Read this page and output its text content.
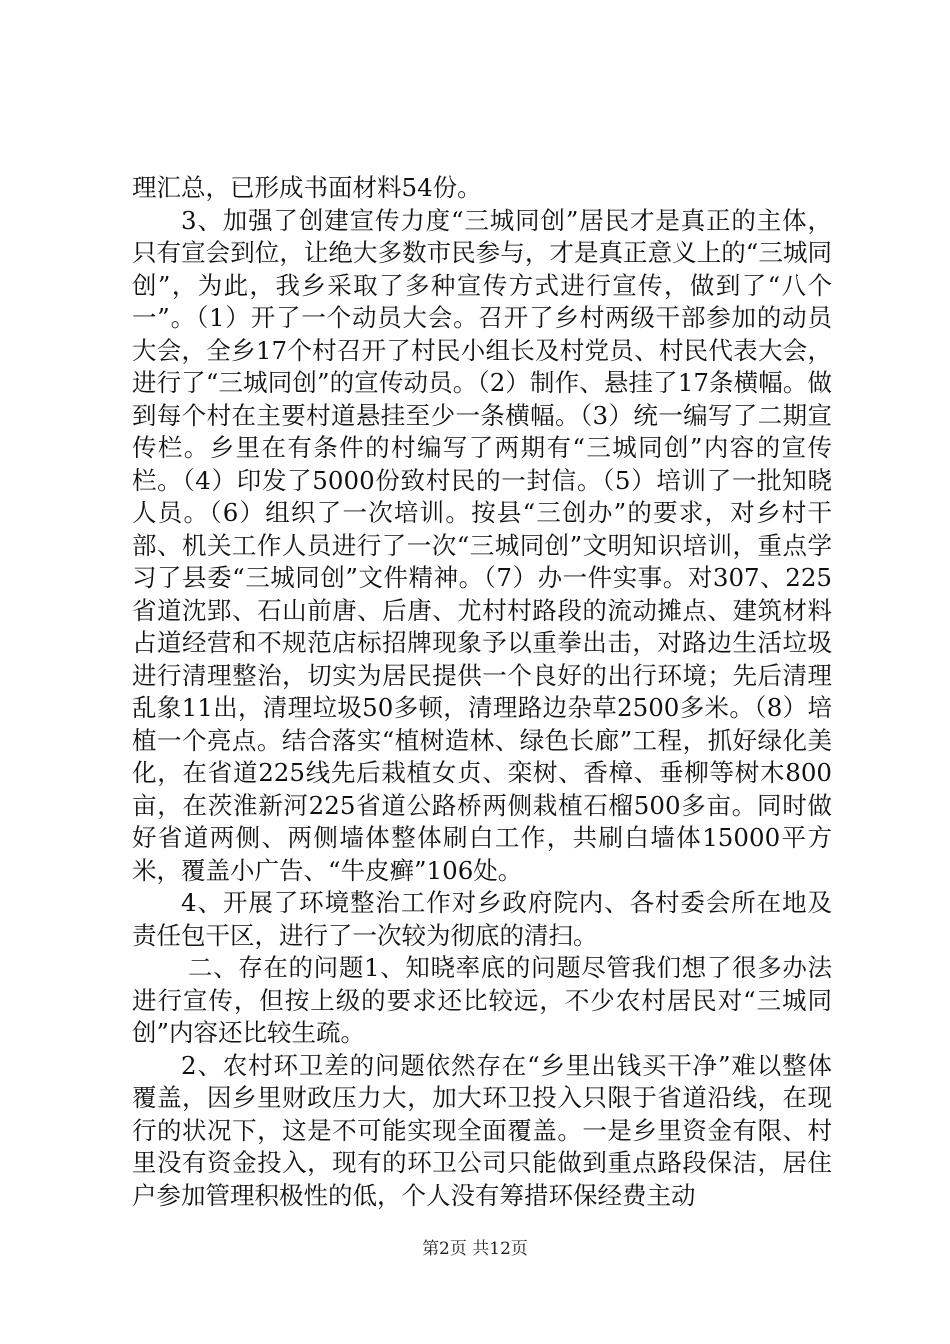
理汇总，已形成书面材料54份。

3、加强了创建宣传力度“三城同创”居民才是真正的主体，只有宣会到位，让绝大多数市民参与，才是真正意义上的“三城同创”，为此，我乡采取了多种宣传方式进行宣传，做到了“八个一”。（1）开了一个动员大会。召开了乡村两级干部参加的动员大会，全乡17个村召开了村民小组长及村党员、村民代表大会，进行了“三城同创”的宣传动员。（2）制作、悬挂了17条横幅。做到每个村在主要村道悬挂至少一条横幅。（3）统一编写了二期宣传栏。乡里在有条件的村编写了两期有“三城同创”内容的宣传栏。（4）印发了5000份致村民的一封信。（5）培训了一批知晓人员。（6）组织了一次培训。按县“三创办”的要求，对乡村干部、机关工作人员进行了一次“三城同创”文明知识培训，重点学习了县委“三城同创”文件精神。（7）办一件实事。对307、225省道沈郢、石山前唐、后唐、尤村村路段的流动摊点、建筑材料占道经营和不规范店标招牌现象予以重拳出击，对路边生活垃圾进行清理整治，切实为居民提供一个良好的出行环境；先后清理乱象11出，清理垃圾50多顿，清理路边杂草2500多米。（8）培植一个亮点。结合落实“植树造林、绿色长廊”工程，抓好绿化美化，在省道225线先后栽植女贞、栾树、香樟、垂柳等树木800亩，在茨淮新河225省道公路桥两侧栽植石榴500多亩。同时做好省道两侧、两侧墙体整体刷白工作，共刷白墙体15000平方米，覆盖小广告、“牛皮癣”106处。

4、开展了环境整治工作对乡政府院内、各村委会所在地及责任包干区，进行了一次较为彻底的清扫。

二、存在的问题1、知晓率底的问题尽管我们想了很多办法进行宣传，但按上级的要求还比较远，不少农村居民对“三城同创”内容还比较生疏。

2、农村环卫差的问题依然存在“乡里出钱买干净”难以整体覆盖，因乡里财政压力大，加大环卫投入只限于省道沿线，在现行的状况下，这是不可能实现全面覆盖。一是乡里资金有限、村里没有资金投入，现有的环卫公司只能做到重点路段保洁，居住户参加管理积极性的低，个人没有筹措环保经费主动

第2页 共12页
